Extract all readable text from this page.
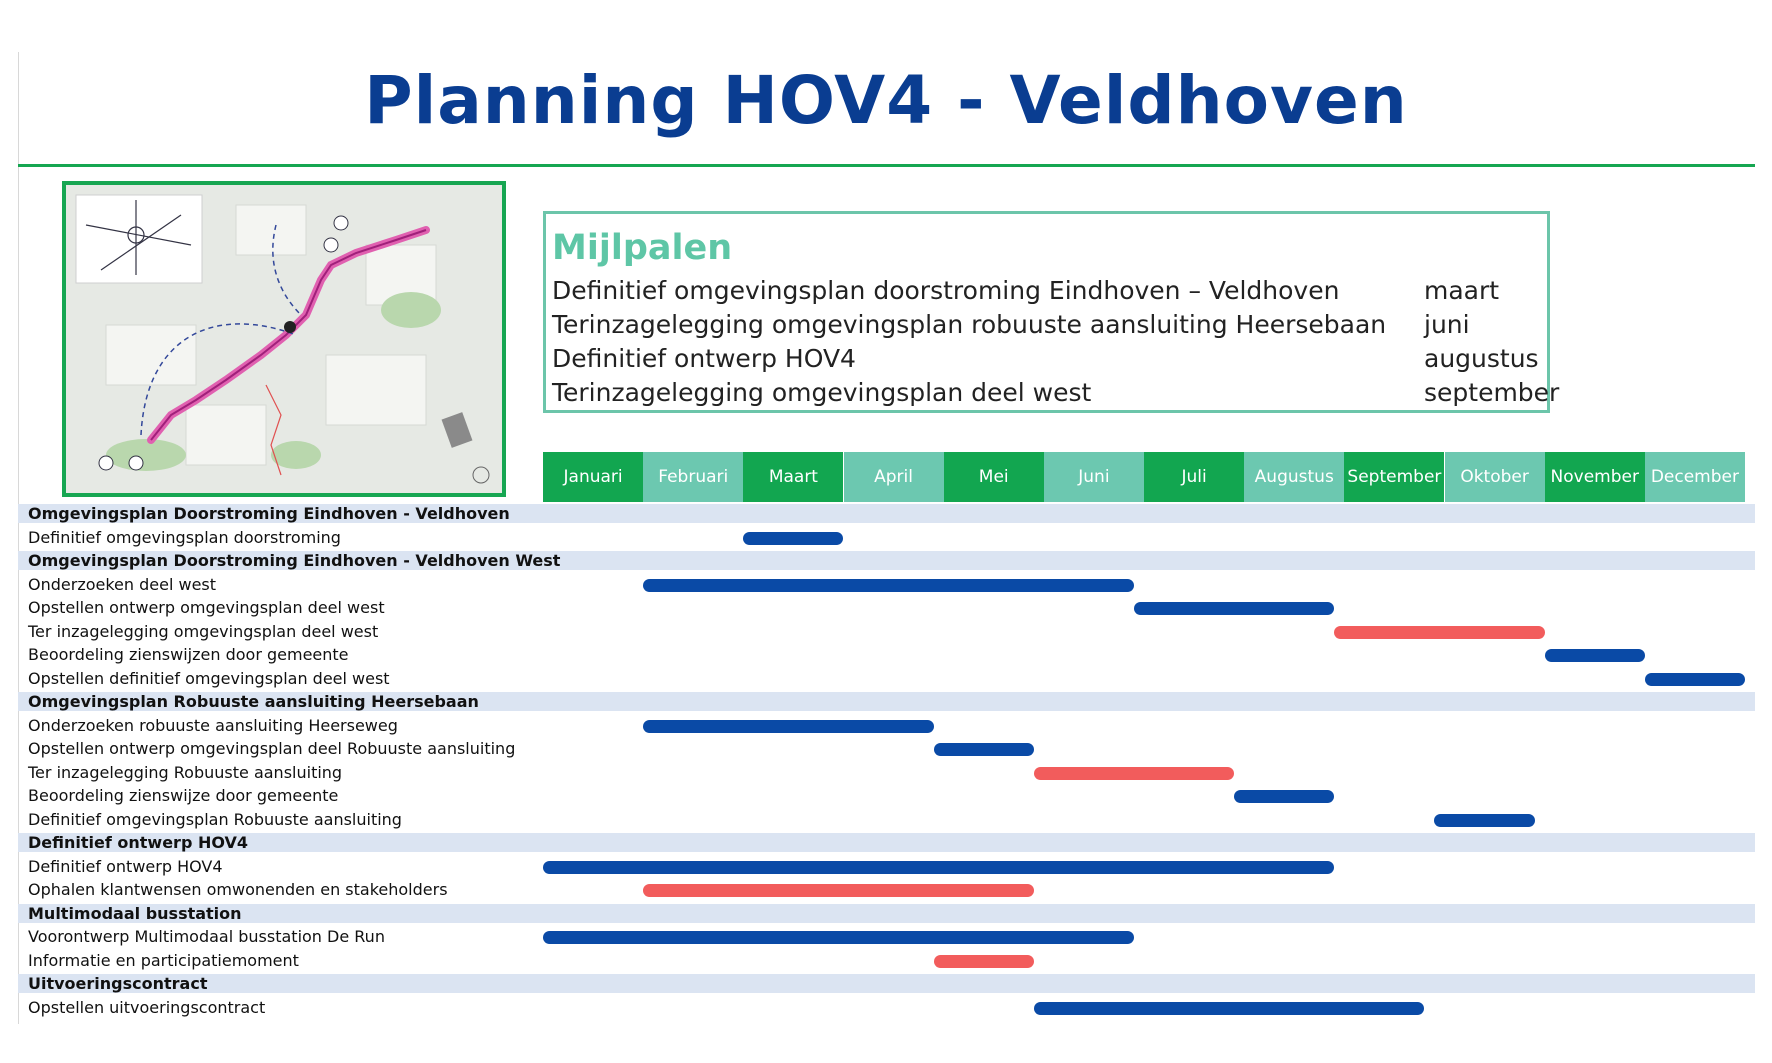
Planning HOV4 - Veldhoven
Mijlpalen
Definitief omgevingsplan doorstroming Eindhoven – Veldhoven	maart
Terinzagelegging omgevingsplan robuuste aansluiting Heersebaan juni
Definitief ontwerp HOV4	augustus
Terinzagelegging omgevingsplan deel west	september
Januari	Februari	Maart	April	Mei	Juni	Juli	Augustus September	Oktober	November December
Omgevingsplan Doorstroming Eindhoven - Veldhoven
Definitief omgevingsplan doorstroming
Omgevingsplan Doorstroming Eindhoven - Veldhoven West
Onderzoeken deel west
Opstellen ontwerp omgevingsplan deel west
Ter inzagelegging omgevingsplan deel west
Beoordeling zienswijzen door gemeente
Opstellen definitief omgevingsplan deel west
Omgevingsplan Robuuste aansluiting Heersebaan
Onderzoeken robuuste aansluiting Heerseweg
Opstellen ontwerp omgevingsplan deel Robuuste aansluiting
Ter inzagelegging Robuuste aansluiting
Beoordeling zienswijze door gemeente
Definitief omgevingsplan Robuuste aansluiting
Definitief ontwerp HOV4
Definitief ontwerp HOV4
Ophalen klantwensen omwonenden en stakeholders
Multimodaal busstation
Voorontwerp Multimodaal busstation De Run
Informatie en participatiemoment
Uitvoeringscontract
Opstellen uitvoeringscontract
